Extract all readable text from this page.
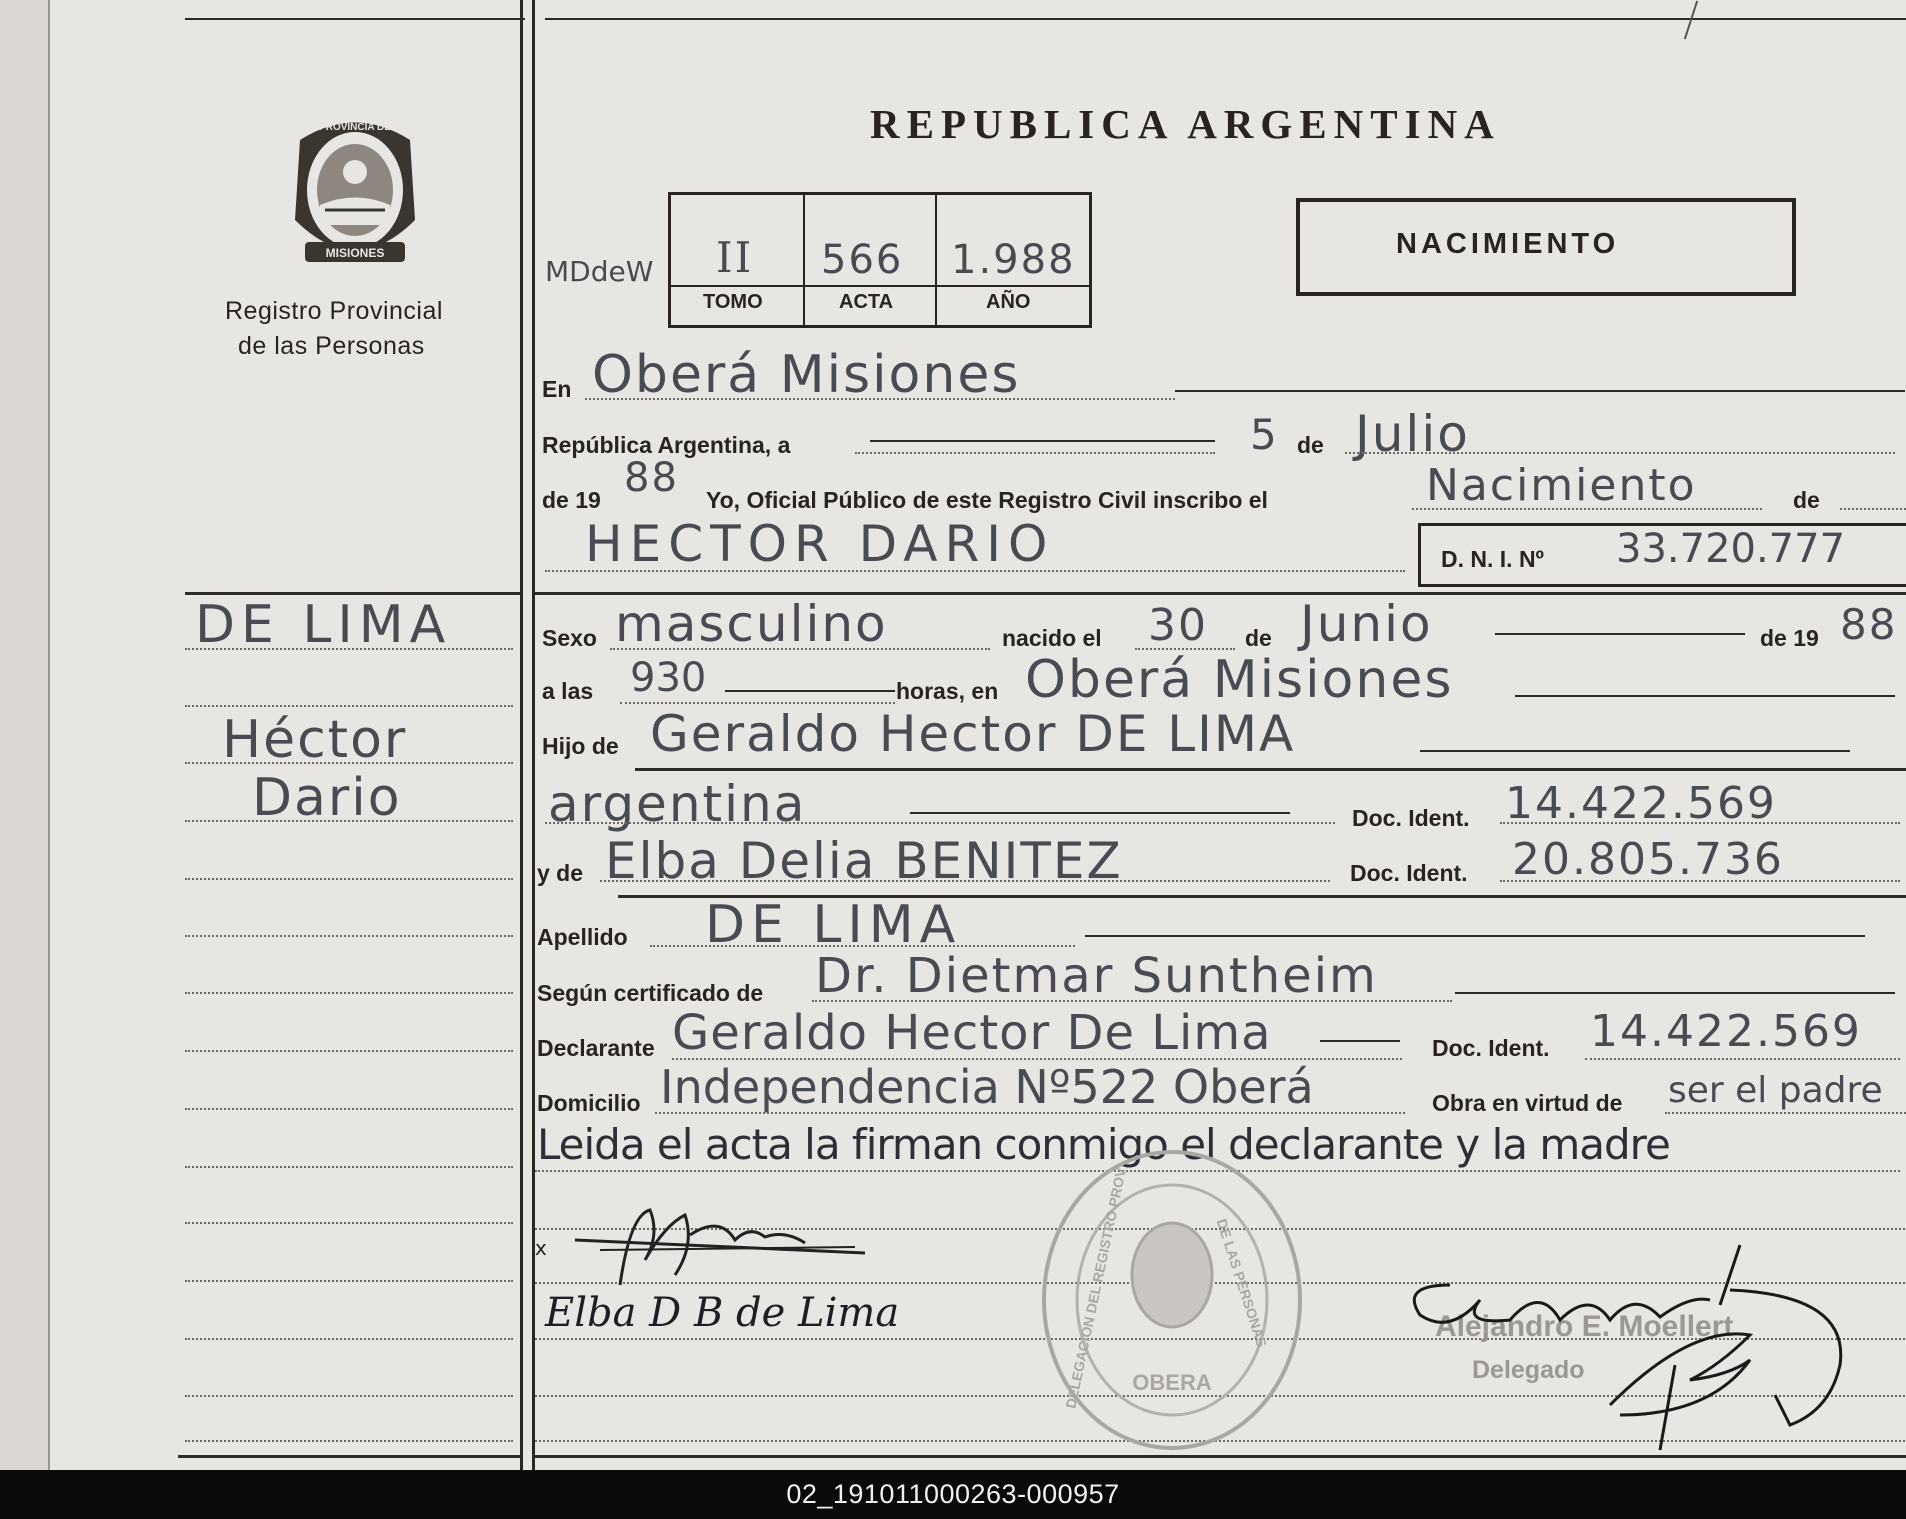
MISIONES
PROVINCIA DE
Registro Provincial
de las Personas
REPUBLICA ARGENTINA
MDdeW II 566 1.988
TOMO	ACTA	AÑO
NACIMIENTO
En Oberá Misiones
República Argentina, a	5 de Julio
de 19 88 Yo, Oficial Público de este Registro Civil inscribo el	Nacimiento	de
HECTOR DARIO	D. N. I. Nº 33.720.777
DE LIMA
Héctor
Dario
Sexo masculino	nacido el 30 de Junio	de 19 88
a las 930	horas, en Oberá Misiones
Hijo de Geraldo Hector DE LIMA
argentina	Doc. Ident. 14.422.569
y de Elba Delia BENITEZ	Doc. Ident. 20.805.736
Apellido DE LIMA
Según certificado de Dr. Dietmar Suntheim
Declarante Geraldo Hector De Lima	Doc. Ident. 14.422.569
Domicilio Independencia Nº522 Oberá	Obra en virtud de ser el padre
Leida el acta la firman conmigo el declarante y la madre
OBERA
DELEGACION DEL REGISTRO PROV	DE LAS PERSONAS
x
Elba D B de Lima	Alejandro E. Moellert
Delegado
02_191011000263-000957
